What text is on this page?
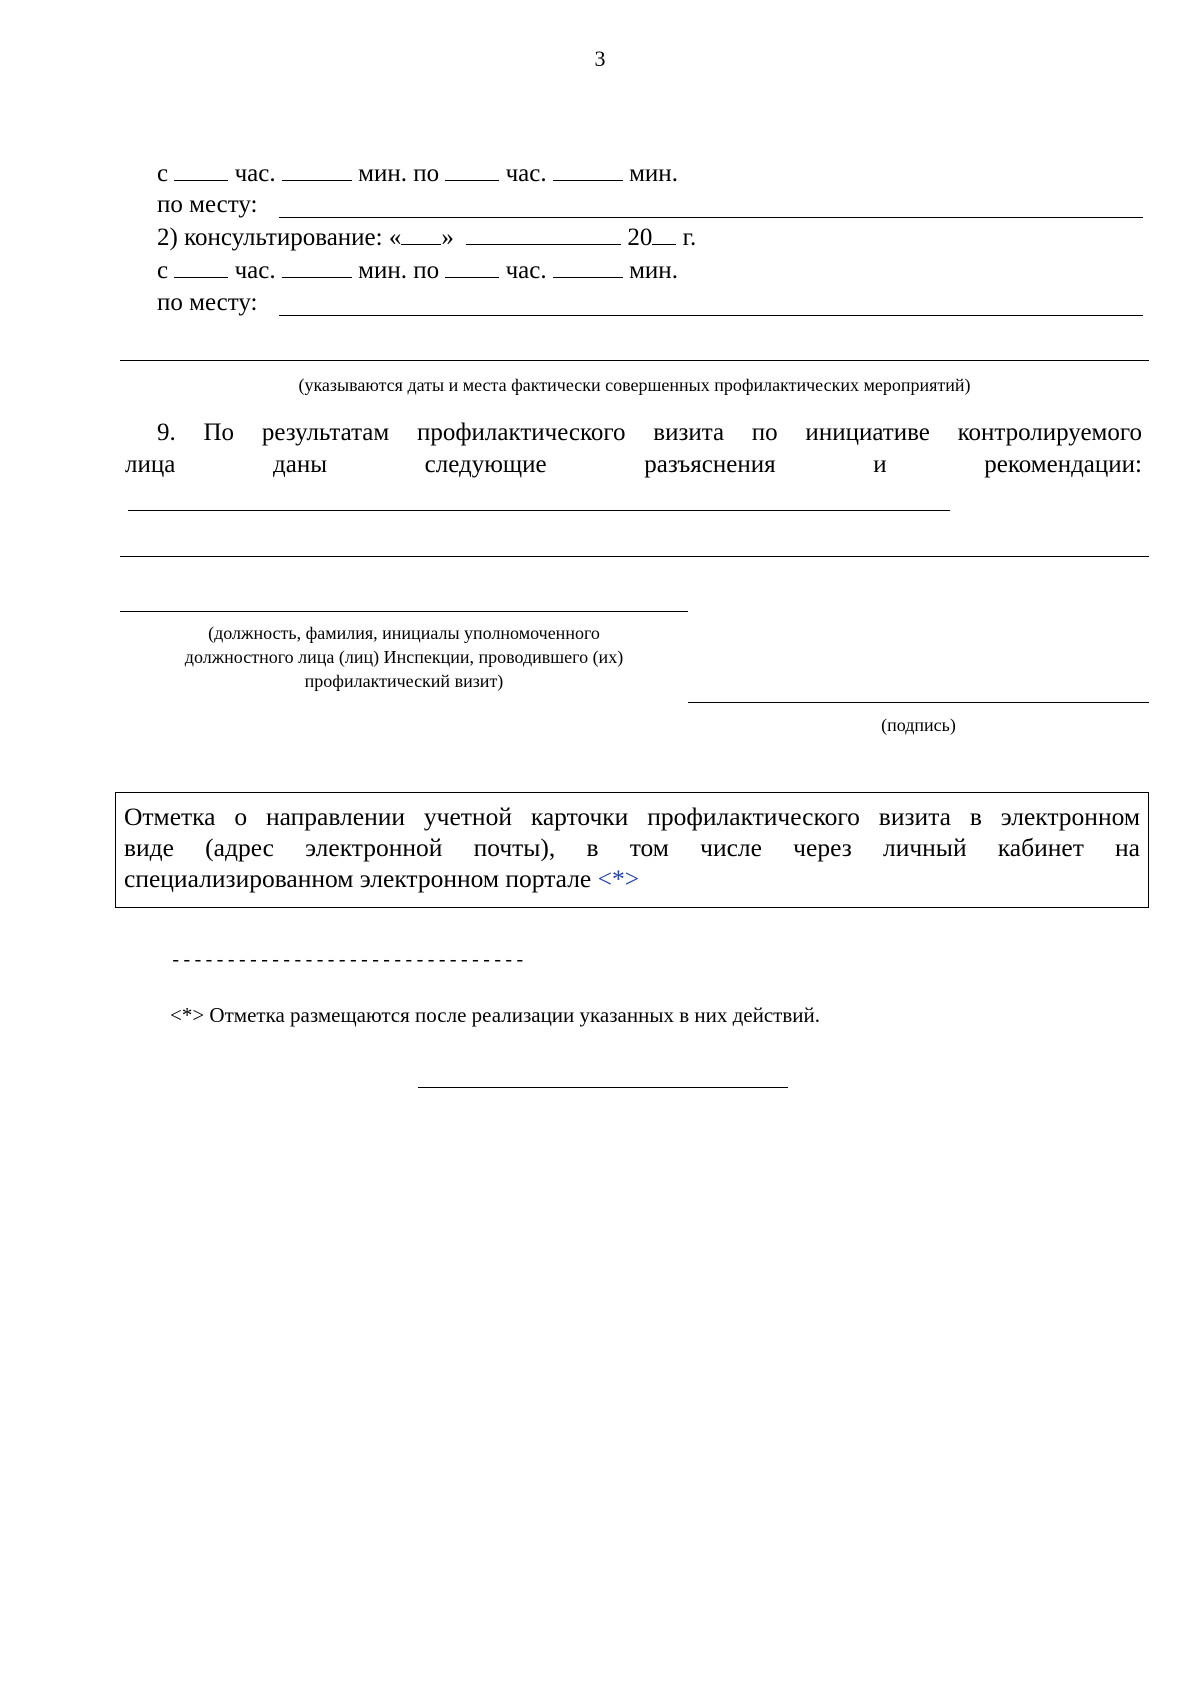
3
с	час.	мин. по	час.	мин.
по месту:
2) консультирование: « »	20 г.
с	час.	мин. по	час.	мин.
по месту:
(указываются даты и места фактически совершенных профилактических мероприятий)
9. По результатам профилактического визита по инициативе контролируемого
лица	даны	следующие	разъяснения	и	рекомендации:
(должность, фамилия, инициалы уполномоченного
должностного лица (лиц) Инспекции, проводившего (их)
профилактический визит)
(подпись)
Отметка о направлении учетной карточки профилактического визита в электронном
виде (адрес электронной почты), в том числе через личный кабинет на
специализированном электронном портале <*>
--------------------------------
<*> Отметка размещаются после реализации указанных в них действий.
